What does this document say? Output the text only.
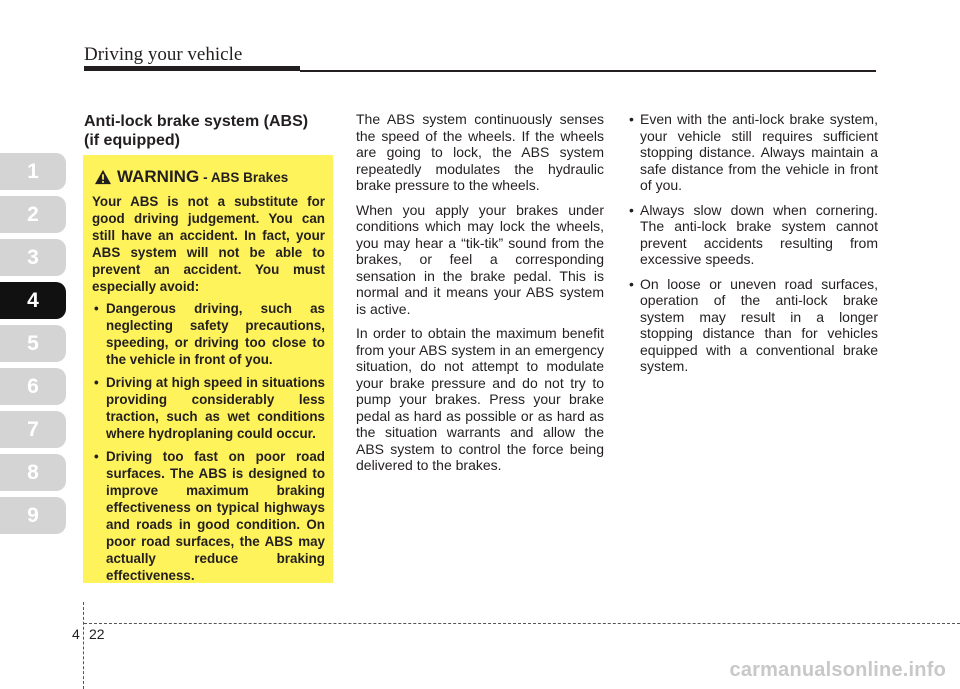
Driving your vehicle
1
2
3
4
5
6
7
8
9
Anti-lock brake system (ABS)
(if equipped)
WARNING - ABS Brakes
Your ABS is not a substitute for good driving judgement. You can still have an accident. In fact, your ABS system will not be able to prevent an accident. You must especially avoid:
• Dangerous driving, such as neglecting safety precautions, speeding, or driving too close to the vehicle in front of you.
• Driving at high speed in situations providing considerably less traction, such as wet conditions where hydroplaning could occur.
• Driving too fast on poor road surfaces. The ABS is designed to improve maximum braking effectiveness on typical highways and roads in good condition. On poor road surfaces, the ABS may actually reduce braking effectiveness.

The ABS system continuously senses the speed of the wheels. If the wheels are going to lock, the ABS system repeatedly modulates the hydraulic brake pressure to the wheels.

When you apply your brakes under conditions which may lock the wheels, you may hear a “tik-tik” sound from the brakes, or feel a corresponding sensation in the brake pedal. This is normal and it means your ABS system is active.

In order to obtain the maximum benefit from your ABS system in an emergency situation, do not attempt to modulate your brake pressure and do not try to pump your brakes. Press your brake pedal as hard as possible or as hard as the situation warrants and allow the ABS system to control the force being delivered to the brakes.

• Even with the anti-lock brake system, your vehicle still requires sufficient stopping distance. Always maintain a safe distance from the vehicle in front of you.
• Always slow down when cornering. The anti-lock brake system cannot prevent accidents resulting from excessive speeds.
• On loose or uneven road surfaces, operation of the anti-lock brake system may result in a longer stopping distance than for vehicles equipped with a conventional brake system.
4 22
carmanualsonline.info
